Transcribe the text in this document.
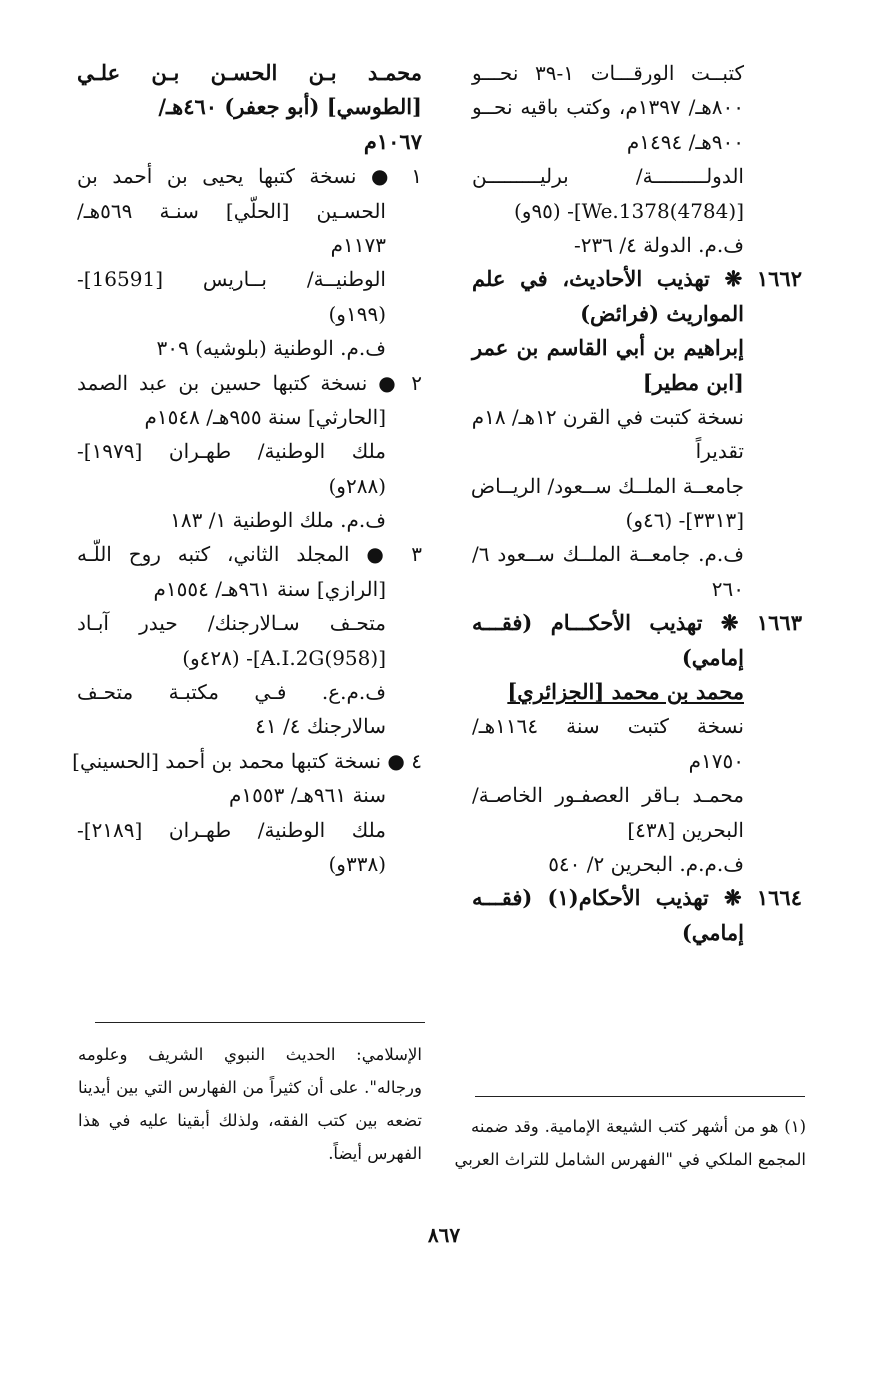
كتبــت الورقـــات ١-٣٩ نحـــو
٨٠٠هـ/ ١٣٩٧م، وكتب باقيه نحــو
٩٠٠هـ/ ١٤٩٤م
الدولـــــــــة/ برليـــــــــن
[We.1378(4784)]- (٩٥و)
ف.م. الدولة ٤/ ٢٣٦-
١٦٦٢ ❋ تهذيب الأحاديث، في علم
المواريث (فرائض)
إبراهيم بن أبي القاسم بن عمر
[ابن مطير]
نسخة كتبت في القرن ١٢هـ/ ١٨م
تقديراً
جامعــة الملــك ســعود/ الريــاض
[٣٣١٣]- (٤٦و)
ف.م. جامعــة الملــك ســعود ٦/
٢٦٠
١٦٦٣ ❋ تهذيب الأحكـــام (فقـــه
إمامي)
محمد بن محمد [الجزائري]
نسخة كتبت سنة ١١٦٤هـ/
١٧٥٠م
محمـد بـاقر العصفـور الخاصـة/
البحرين [٤٣٨]
ف.م.م. البحرين ٢/ ٥٤٠
١٦٦٤ ❋ تهذيب الأحكام(١) (فقـــه
إمامي)
محمـد بـن الحسـن بـن علـي
[الطوسي] (أبو جعفر) ٤٦٠هـ/
١٠٦٧م
١ ● نسخة كتبها يحيى بن أحمد بن
الحسـين [الحلّي] سنـة ٥٦٩هـ/
١١٧٣م
الوطنيــة/ بــاريس [16591]-
(١٩٩و)
ف.م. الوطنية (بلوشيه) ٣٠٩
٢ ● نسخة كتبها حسين بن عبد الصمد
[الحارثي] سنة ٩٥٥هـ/ ١٥٤٨م
ملك الوطنية/ طهـران [١٩٧٩]-
(٢٨٨و)
ف.م. ملك الوطنية ١/ ١٨٣
٣ ● المجلد الثاني، كتبه روح اللّـه
[الرازي] سنة ٩٦١هـ/ ١٥٥٤م
متحـف سـالارجنك/ حيدر آبـاد
[A.I.2G(958)]- (٤٢٨و)
ف.م.ع. فـي مكتبـة متحـف
سالارجنك ٤/ ٤١
٤ ● نسخة كتبها محمد بن أحمد [الحسيني]
سنة ٩٦١هـ/ ١٥٥٣م
ملك الوطنية/ طهـران [٢١٨٩]-
(٣٣٨و)
الإسلامي: الحديث النبوي الشريف وعلومه
ورجاله". على أن كثيراً من الفهارس التي بين أيدينا
تضعه بين كتب الفقه، ولذلك أبقينا عليه في هذا
الفهرس أيضاً.
(١) هو من أشهر كتب الشيعة الإمامية. وقد ضمنه
المجمع الملكي في "الفهرس الشامل للتراث العربي
٨٦٧
